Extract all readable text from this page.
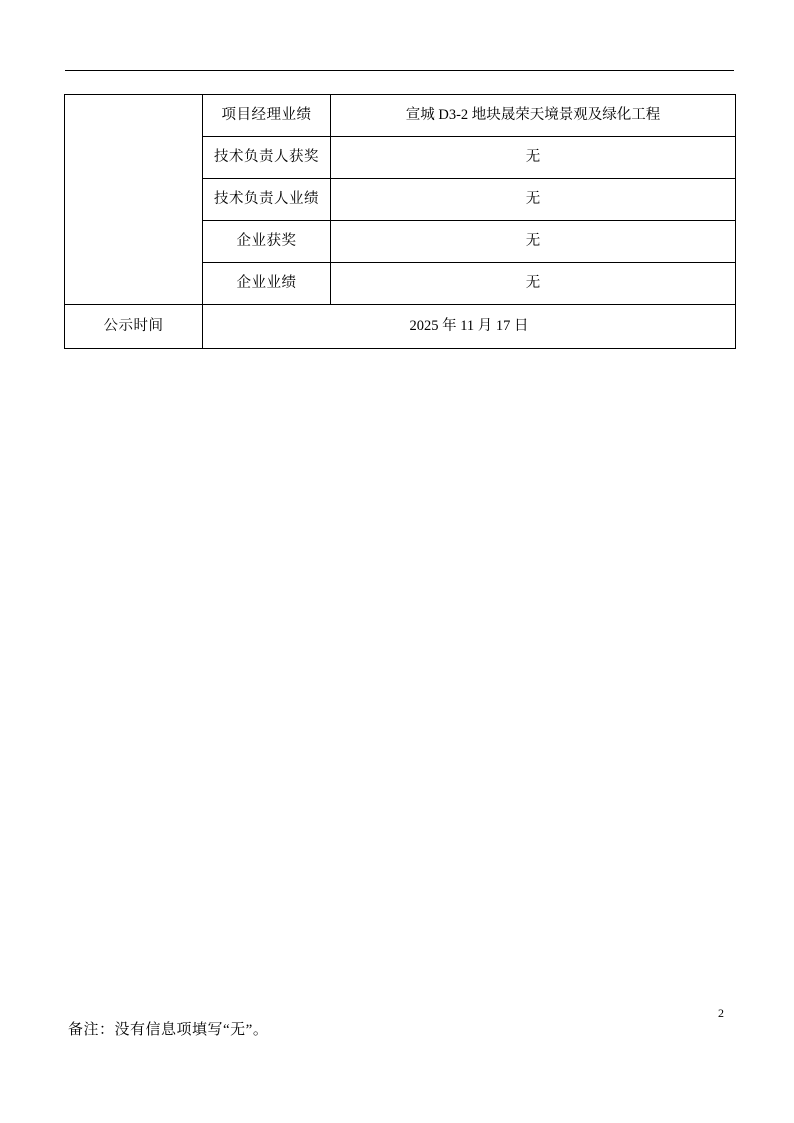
	项目经理业绩	宣城 D3-2 地块晟荣天境景观及绿化工程
	技术负责人获奖	无
	技术负责人业绩	无
	企业获奖	无
	企业业绩	无
公示时间	2025 年 11 月 17 日	
2
备注：没有信息项填写“无”。
